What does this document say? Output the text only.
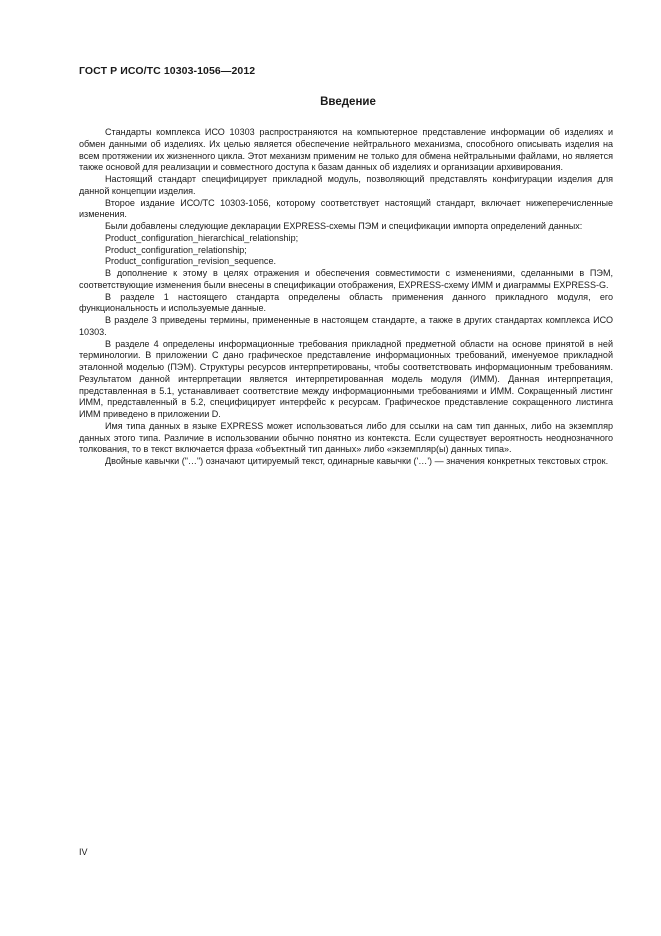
ГОСТ Р ИСО/ТС 10303-1056—2012
Введение

Стандарты комплекса ИСО 10303 распространяются на компьютерное представление информации об изделиях и обмен данными об изделиях. Их целью является обеспечение нейтрального механизма, способного описывать изделия на всем протяжении их жизненного цикла. Этот механизм применим не только для обмена нейтральными файлами, но является также основой для реализации и совместного доступа к базам данных об изделиях и организации архивирования.

Настоящий стандарт специфицирует прикладной модуль, позволяющий представлять конфигурации изделия для данной концепции изделия.

Второе издание ИСО/ТС 10303-1056, которому соответствует настоящий стандарт, включает нижеперечисленные изменения.

Были добавлены следующие декларации EXPRESS-схемы ПЭМ и спецификации импорта определений данных:

Product_configuration_hierarchical_relationship;

Product_configuration_relationship;

Product_configuration_revision_sequence.

В дополнение к этому в целях отражения и обеспечения совместимости с изменениями, сделанными в ПЭМ, соответствующие изменения были внесены в спецификации отображения, EXPRESS-схему ИММ и диаграммы EXPRESS-G.

В разделе 1 настоящего стандарта определены область применения данного прикладного модуля, его функциональность и используемые данные.

В разделе 3 приведены термины, примененные в настоящем стандарте, а также в других стандартах комплекса ИСО 10303.

В разделе 4 определены информационные требования прикладной предметной области на основе принятой в ней терминологии. В приложении С дано графическое представление информационных требований, именуемое прикладной эталонной моделью (ПЭМ). Структуры ресурсов интерпретированы, чтобы соответствовать информационным требованиям. Результатом данной интерпретации является интерпретированная модель модуля (ИММ). Данная интерпретация, представленная в 5.1, устанавливает соответствие между информационными требованиями и ИММ. Сокращенный листинг ИММ, представленный в 5.2, специфицирует интерфейс к ресурсам. Графическое представление сокращенного листинга ИММ приведено в приложении D.

Имя типа данных в языке EXPRESS может использоваться либо для ссылки на сам тип данных, либо на экземпляр данных этого типа. Различие в использовании обычно понятно из контекста. Если существует вероятность неоднозначного толкования, то в текст включается фраза «объектный тип данных» либо «экземпляр(ы) данных типа».

Двойные кавычки ("…") означают цитируемый текст, одинарные кавычки ('…') — значения конкретных текстовых строк.

IV
